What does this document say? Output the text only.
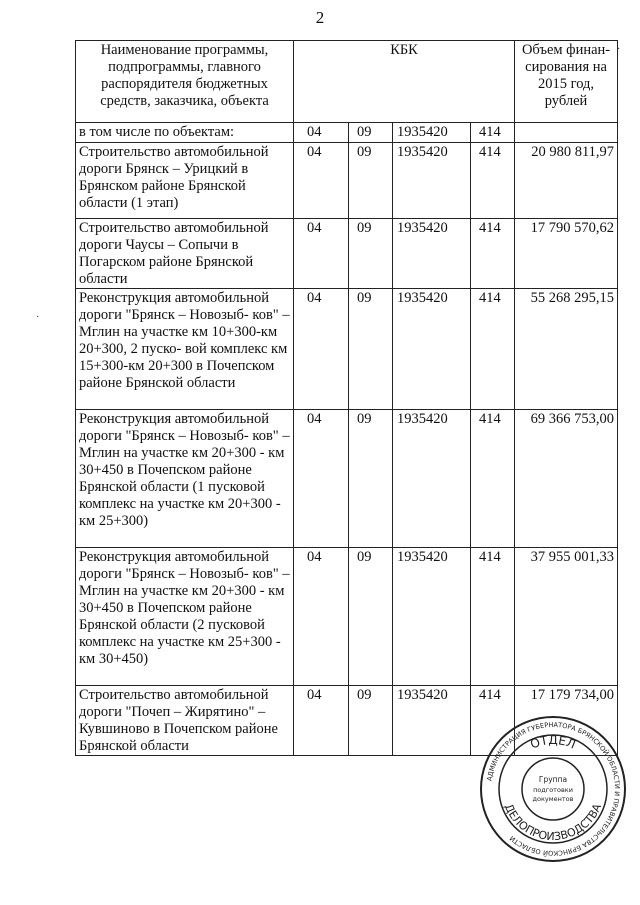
2
·
·
Наименование программы, подпрограммы, главного распорядителя бюджетных средств, заказчика, объекта	КБК				Объем финан- сирования на 2015 год, рублей
в том числе по объектам:	04	09	1935420	414	
Строительство автомобильной дороги Брянск – Урицкий в Брянском районе Брянской области (1 этап)	04	09	1935420	414	20 980 811,97
Строительство автомобильной дороги Чаусы – Сопычи в Погарском районе Брянской области	04	09	1935420	414	17 790 570,62
Реконструкция автомобильной дороги "Брянск – Новозыб- ков" – Мглин на участке км 10+300-км 20+300, 2 пуско- вой комплекс км 15+300-км 20+300 в Почепском районе Брянской области	04	09	1935420	414	55 268 295,15
Реконструкция автомобильной дороги "Брянск – Новозыб- ков" – Мглин на участке км 20+300 - км 30+450 в Почепском районе Брянской области (1 пусковой комплекс на участке км 20+300 - км 25+300)	04	09	1935420	414	69 366 753,00
Реконструкция автомобильной дороги "Брянск – Новозыб- ков" – Мглин на участке км 20+300 - км 30+450 в Почепском районе Брянской области (2 пусковой комплекс на участке км 25+300 - км 30+450)	04	09	1935420	414	37 955 001,33
Строительство автомобильной дороги "Почеп – Жирятино" – Кувшиново в Почепском районе Брянской области	04	09	1935420	414	17 179 734,00
АДМИНИСТРАЦИЯ ГУБЕРНАТОРА БРЯНСКОЙ ОБЛАСТИ И ПРАВИТЕЛЬСТВА БРЯНСКОЙ ОБЛАСТИ
ОТДЕЛ
ДЕЛОПРОИЗВОДСТВА
Группа
подготовки
документов
